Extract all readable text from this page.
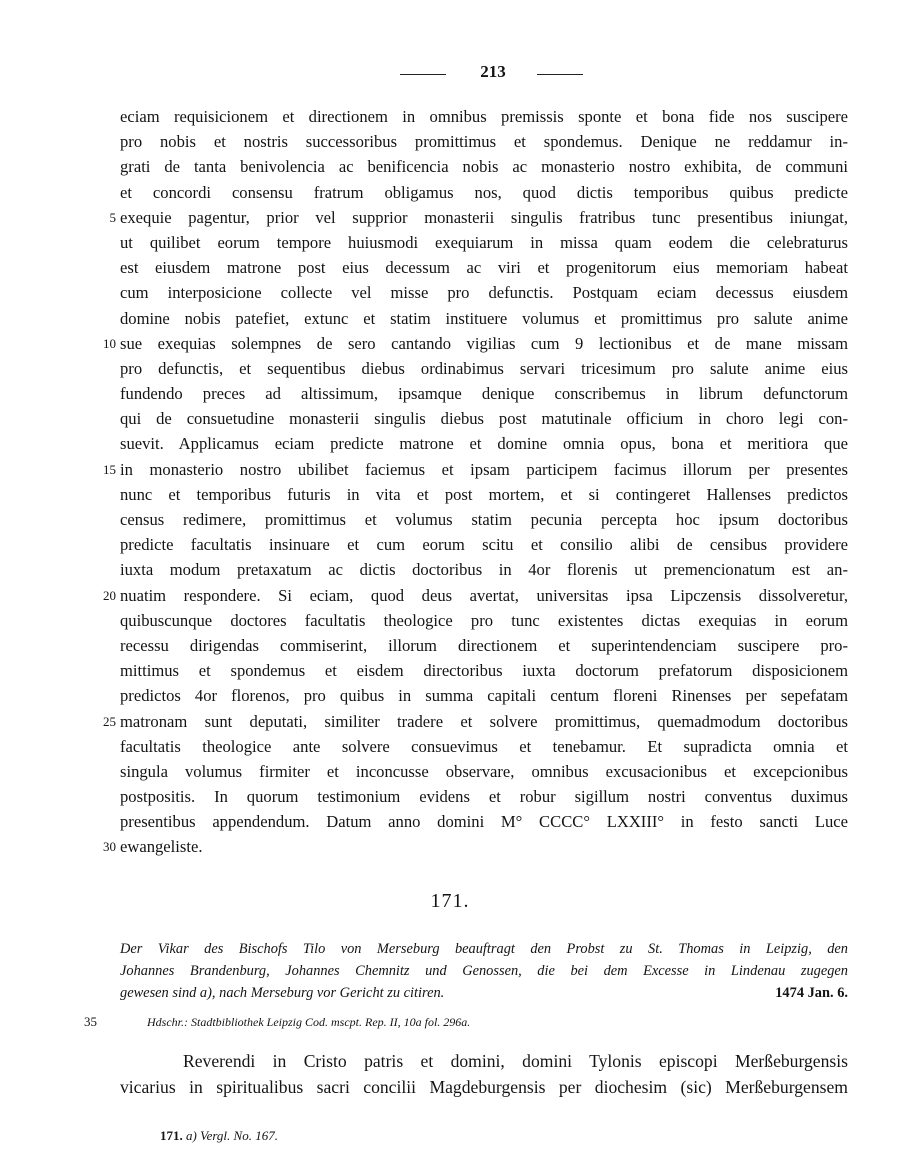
213
eciam requisicionem et directionem in omnibus premissis sponte et bona fide nos suscipere
pro nobis et nostris successoribus promittimus et spondemus. Denique ne reddamur in-
grati de tanta benivolencia ac benificencia nobis ac monasterio nostro exhibita, de communi
et concordi consensu fratrum obligamus nos, quod dictis temporibus quibus predicte
5 exequie pagentur, prior vel supprior monasterii singulis fratribus tunc presentibus iniungat,
ut quilibet eorum tempore huiusmodi exequiarum in missa quam eodem die celebraturus
est eiusdem matrone post eius decessum ac viri et progenitorum eius memoriam habeat
cum interposicione collecte vel misse pro defunctis. Postquam eciam decessus eiusdem
domine nobis patefiet, extunc et statim instituere volumus et promittimus pro salute anime
10 sue exequias solempnes de sero cantando vigilias cum 9 lectionibus et de mane missam
pro defunctis, et sequentibus diebus ordinabimus servari tricesimum pro salute anime eius
fundendo preces ad altissimum, ipsamque denique conscribemus in librum defunctorum
qui de consuetudine monasterii singulis diebus post matutinale officium in choro legi con-
suevit. Applicamus eciam predicte matrone et domine omnia opus, bona et meritiora que
15 in monasterio nostro ubilibet faciemus et ipsam participem facimus illorum per presentes
nunc et temporibus futuris in vita et post mortem, et si contingeret Hallenses predictos
census redimere, promittimus et volumus statim pecunia percepta hoc ipsum doctoribus
predicte facultatis insinuare et cum eorum scitu et consilio alibi de censibus providere
iuxta modum pretaxatum ac dictis doctoribus in 4or florenis ut premencionatum est an-
20 nuatim respondere. Si eciam, quod deus avertat, universitas ipsa Lipczensis dissolveretur,
quibuscunque doctores facultatis theologice pro tunc existentes dictas exequias in eorum
recessu dirigendas commiserint, illorum directionem et superintendenciam suscipere pro-
mittimus et spondemus et eisdem directoribus iuxta doctorum prefatorum disposicionem
predictos 4or florenos, pro quibus in summa capitali centum floreni Rinenses per sepefatam
25 matronam sunt deputati, similiter tradere et solvere promittimus, quemadmodum doctoribus
facultatis theologice ante solvere consuevimus et tenebamur. Et supradicta omnia et
singula volumus firmiter et inconcusse observare, omnibus excusacionibus et excepcionibus
postpositis. In quorum testimonium evidens et robur sigillum nostri conventus duximus
presentibus appendendum. Datum anno domini M° CCCC° LXXIII° in festo sancti Luce
30 ewangeliste.
171.
Der Vikar des Bischofs Tilo von Merseburg beauftragt den Probst zu St. Thomas in Leipzig, den
Johannes Brandenburg, Johannes Chemnitz und Genossen, die bei dem Excesse in Lindenau zugegen
gewesen sind a), nach Merseburg vor Gericht zu citiren.	1474 Jan. 6.
35	Hdschr.: Stadtbibliothek Leipzig Cod. mscpt. Rep. II, 10a fol. 296a.
Reverendi in Cristo patris et domini, domini Tylonis episcopi Merßeburgensis
vicarius in spiritualibus sacri concilii Magdeburgensis per diochesim (sic) Merßeburgensem
171. a) Vergl. No. 167.
